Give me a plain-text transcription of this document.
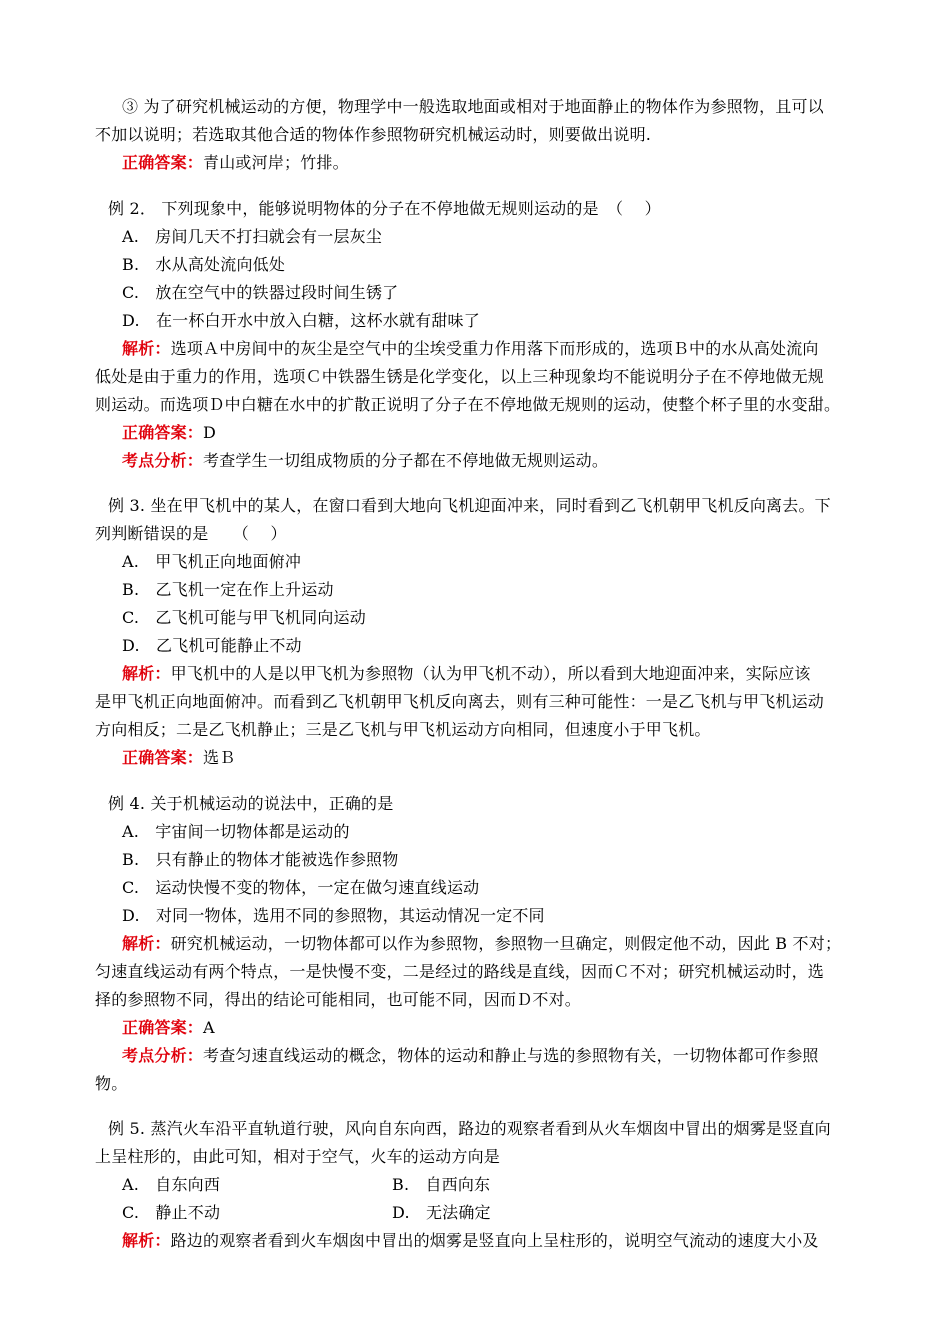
③ 为了研究机械运动的方便，物理学中一般选取地面或相对于地面静止的物体作为参照物，且可以
不加以说明；若选取其他合适的物体作参照物研究机械运动时，则要做出说明.
正确答案：青山或河岸；竹排。
例 2． 下列现象中，能够说明物体的分子在不停地做无规则运动的是　（　 ）
A.　房间几天不打扫就会有一层灰尘
B.　水从高处流向低处
C.　放在空气中的铁器过段时间生锈了
D.　在一杯白开水中放入白糖，这杯水就有甜味了
解析：选项Ａ中房间中的灰尘是空气中的尘埃受重力作用落下而形成的，选项Ｂ中的水从高处流向
低处是由于重力的作用，选项Ｃ中铁器生锈是化学变化，以上三种现象均不能说明分子在不停地做无规
则运动。而选项Ｄ中白糖在水中的扩散正说明了分子在不停地做无规则的运动，使整个杯子里的水变甜。
正确答案：D
考点分析：考查学生一切组成物质的分子都在不停地做无规则运动。
例 3. 坐在甲飞机中的某人，在窗口看到大地向飞机迎面冲来，同时看到乙飞机朝甲飞机反向离去。下
列判断错误的是　　（　 ）
A.　甲飞机正向地面俯冲
B.　乙飞机一定在作上升运动
C.　乙飞机可能与甲飞机同向运动
D.　乙飞机可能静止不动
解析：甲飞机中的人是以甲飞机为参照物（认为甲飞机不动），所以看到大地迎面冲来，实际应该
是甲飞机正向地面俯冲。而看到乙飞机朝甲飞机反向离去，则有三种可能性：一是乙飞机与甲飞机运动
方向相反；二是乙飞机静止；三是乙飞机与甲飞机运动方向相同，但速度小于甲飞机。
正确答案：选Ｂ
例 4. 关于机械运动的说法中，正确的是
A.　宇宙间一切物体都是运动的
B.　只有静止的物体才能被选作参照物
C.　运动快慢不变的物体，一定在做匀速直线运动
D.　对同一物体，选用不同的参照物，其运动情况一定不同
解析：研究机械运动，一切物体都可以作为参照物，参照物一旦确定，则假定他不动，因此 B 不对；
匀速直线运动有两个特点，一是快慢不变，二是经过的路线是直线，因而Ｃ不对；研究机械运动时，选
择的参照物不同，得出的结论可能相同，也可能不同，因而Ｄ不对。
正确答案：A
考点分析：考查匀速直线运动的概念，物体的运动和静止与选的参照物有关，一切物体都可作参照
物。
例 5. 蒸汽火车沿平直轨道行驶，风向自东向西，路边的观察者看到从火车烟囱中冒出的烟雾是竖直向
上呈柱形的，由此可知，相对于空气，火车的运动方向是
A.　自东向西	B.　自西向东
C.　静止不动	D.　无法确定
解析：路边的观察者看到火车烟囱中冒出的烟雾是竖直向上呈柱形的，说明空气流动的速度大小及
